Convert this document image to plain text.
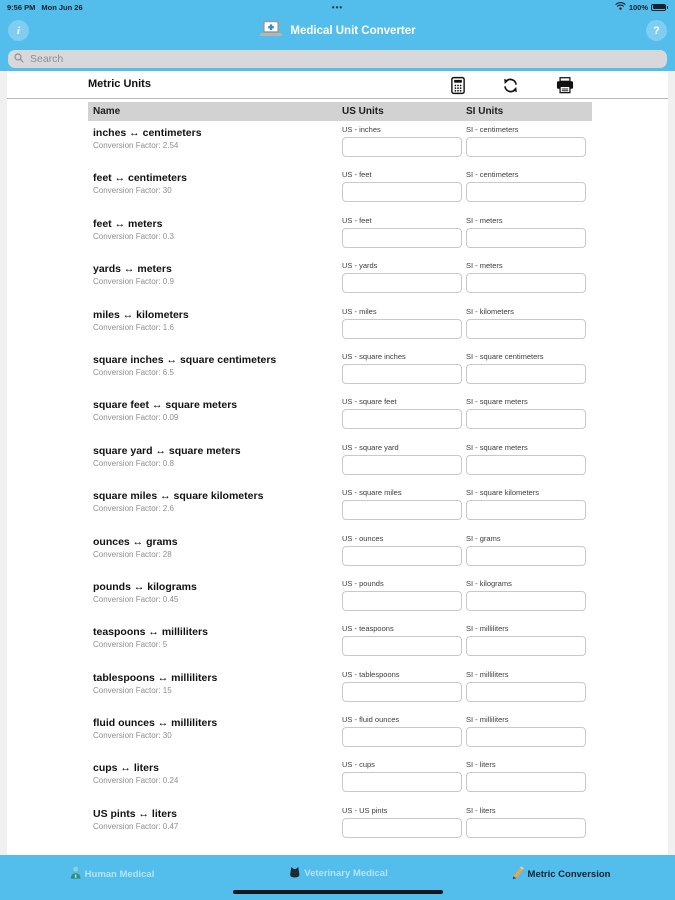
9:56 PM Mon Jun 26	•••	100%
Medical Unit Converter
i	?
Search
Metric Units
Name	US Units	SI Units
inches ↔ centimeters
Conversion Factor: 2.54
US - inches	SI - centimeters
feet ↔ centimeters
Conversion Factor: 30
US - feet	SI - centimeters
feet ↔ meters
Conversion Factor: 0.3
US - feet	SI - meters
yards ↔ meters
Conversion Factor: 0.9
US - yards	SI - meters
miles ↔ kilometers
Conversion Factor: 1.6
US - miles	SI - kilometers
square inches ↔ square centimeters
Conversion Factor: 6.5
US - square inches	SI - square centimeters
square feet ↔ square meters
Conversion Factor: 0.09
US - square feet	SI - square meters
square yard ↔ square meters
Conversion Factor: 0.8
US - square yard	SI - square meters
square miles ↔ square kilometers
Conversion Factor: 2.6
US - square miles	SI - square kilometers
ounces ↔ grams
Conversion Factor: 28
US - ounces	SI - grams
pounds ↔ kilograms
Conversion Factor: 0.45
US - pounds	SI - kilograms
teaspoons ↔ milliliters
Conversion Factor: 5
US - teaspoons	SI - milliliters
tablespoons ↔ milliliters
Conversion Factor: 15
US - tablespoons	SI - milliliters
fluid ounces ↔ milliliters
Conversion Factor: 30
US - fluid ounces	SI - milliliters
cups ↔ liters
Conversion Factor: 0.24
US - cups	SI - liters
US pints ↔ liters
Conversion Factor: 0.47
US - US pints	SI - liters
Human Medical	Veterinary Medical	Metric Conversion
